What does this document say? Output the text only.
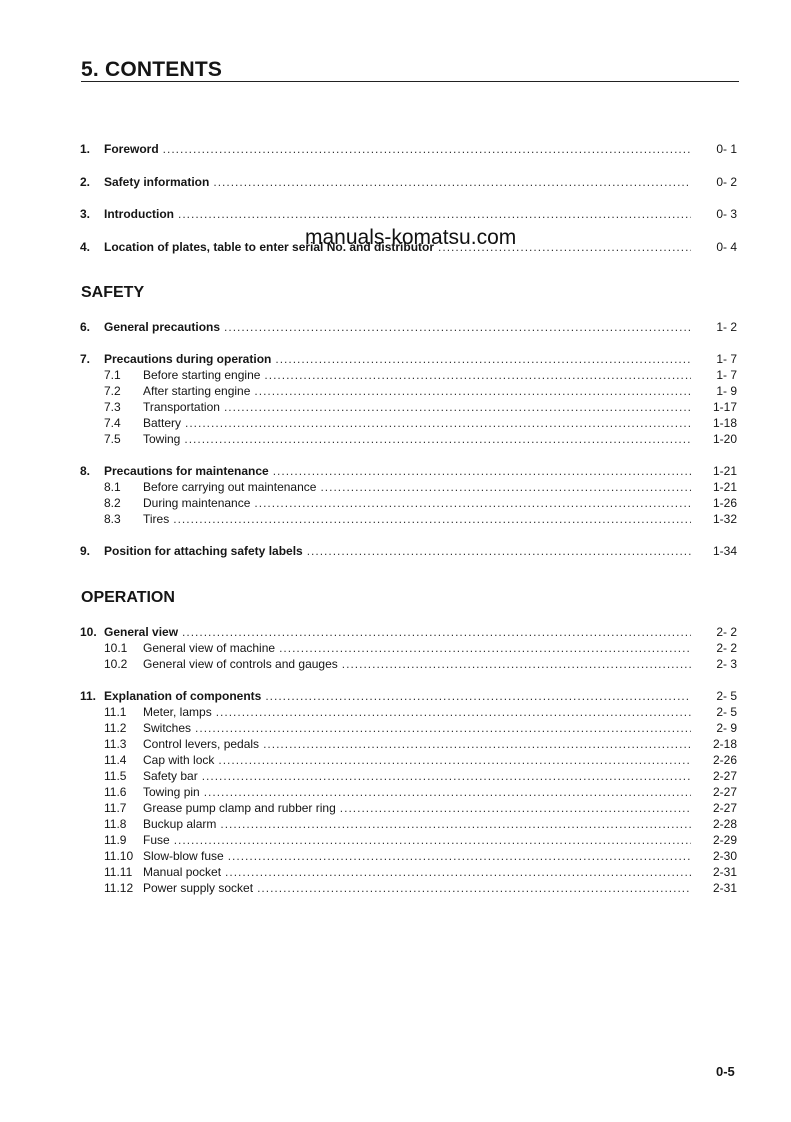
5. CONTENTS
1.	Foreword .....	0- 1
2.	Safety information .....	0- 2
3.	Introduction .....	0- 3
4.	Location of plates, table to enter serial No. and distributor .....	0- 4
manuals-komatsu.com
SAFETY
6.	General precautions .....	1- 2
7.	Precautions during operation .....	1- 7
7.1	Before starting engine .....	1- 7
7.2	After starting engine .....	1- 9
7.3	Transportation .....	1-17
7.4	Battery .....	1-18
7.5	Towing .....	1-20
8.	Precautions for maintenance .....	1-21
8.1	Before carrying out maintenance .....	1-21
8.2	During maintenance .....	1-26
8.3	Tires .....	1-32
9.	Position for attaching safety labels .....	1-34
OPERATION
10. General view .....	2- 2
10.1	General view of machine .....	2- 2
10.2	General view of controls and gauges .....	2- 3
11. Explanation of components .....	2- 5
11.1	Meter, lamps .....	2- 5
11.2	Switches .....	2- 9
11.3	Control levers, pedals .....	2-18
11.4	Cap with lock .....	2-26
11.5	Safety bar .....	2-27
11.6	Towing pin .....	2-27
11.7	Grease pump clamp and rubber ring .....	2-27
11.8	Buckup alarm .....	2-28
11.9	Fuse .....	2-29
11.10 Slow-blow fuse .....	2-30
11.11 Manual pocket .....	2-31
11.12 Power supply socket .....	2-31
0-5
